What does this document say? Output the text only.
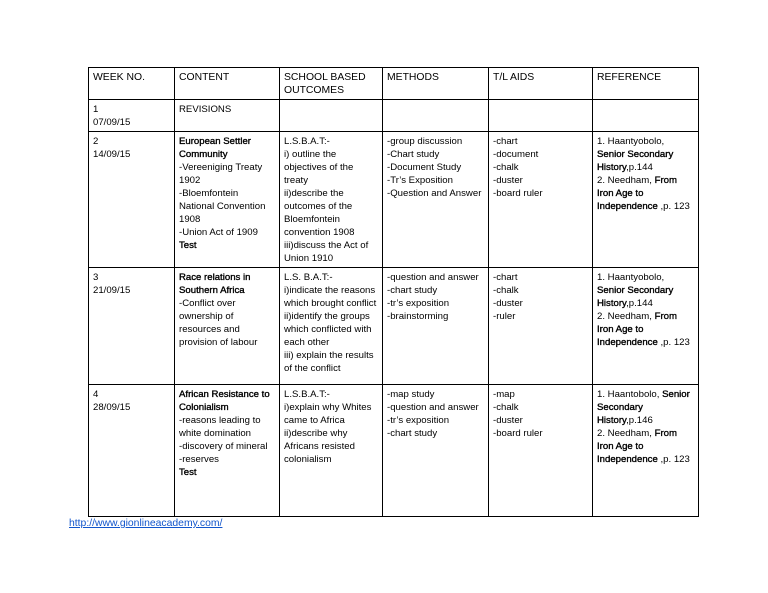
WEEK NO.	CONTENT	SCHOOL BASED OUTCOMES	METHODS	T/L AIDS	REFERENCE

1
07/09/15	REVISIONS				

2
14/09/15	European Settler Community
-Vereeniging Treaty 1902
-Bloemfontein National Convention 1908
-Union Act of 1909
Test	L.S.B.A.T:-
i) outline the objectives of the treaty
ii)describe the outcomes of the Bloemfontein convention 1908
iii)discuss the Act of Union 1910	-group discussion
-Chart study
-Document Study
-Tr’s Exposition
-Question and Answer	-chart
-document
-chalk
-duster
-board ruler	1. Haantyobolo, Senior Secondary History,p.144
2. Needham, From Iron Age to Independence ,p. 123

3
21/09/15	Race relations in Southern Africa
-Conflict over ownership of resources and provision of labour	L.S. B.A.T:-
i)indicate the reasons which brought conflict
ii)identify the groups which conflicted with each other
iii) explain the results of the conflict	-question and answer
-chart study
-tr’s exposition
-brainstorming	-chart
-chalk
-duster
-ruler	1. Haantyobolo, Senior Secondary History,p.144
2. Needham, From Iron Age to Independence ,p. 123

4
28/09/15	African Resistance to Colonialism
-reasons leading to white domination
-discovery of mineral
-reserves
Test	L.S.B.A.T:-
i)explain why Whites came to Africa
ii)describe why Africans resisted colonialism	-map study
-question and answer
-tr’s exposition
-chart study	-map
-chalk
-duster
-board ruler	1. Haantobolo, Senior Secondary History,p.146
2. Needham, From Iron Age to Independence ,p. 123
http://www.gionlineacademy.com/
